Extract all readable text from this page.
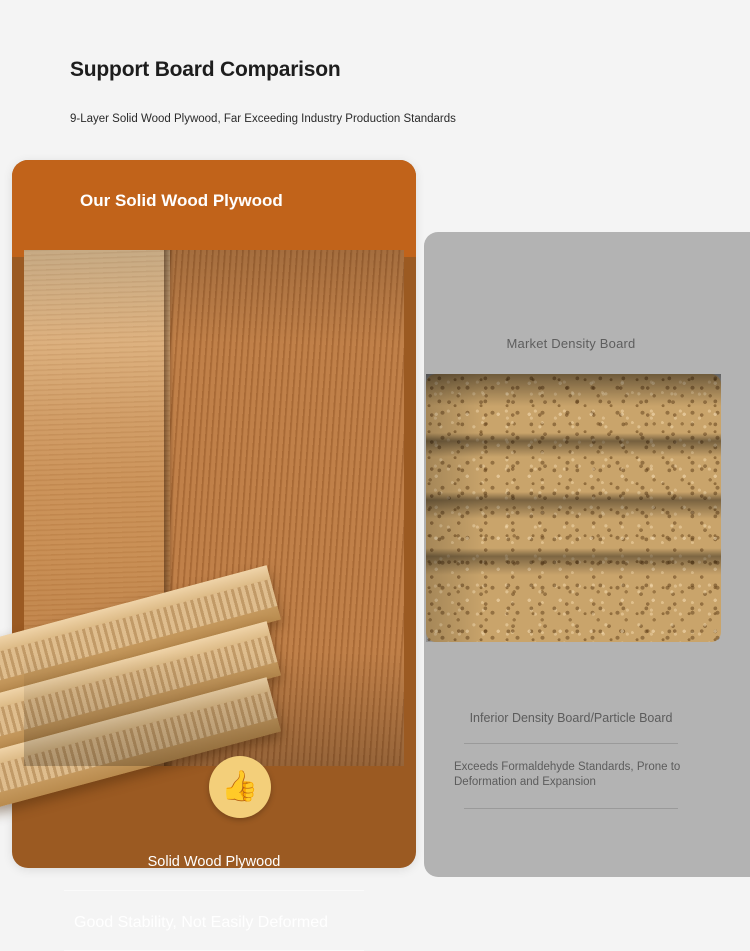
Support Board Comparison

9-Layer Solid Wood Plywood, Far Exceeding Industry Production Standards

Market Density Board
Inferior Density Board/Particle Board
Exceeds Formaldehyde Standards, Prone to Deformation and Expansion
Our Solid Wood Plywood
👍
Solid Wood Plywood
Good Stability, Not Easily Deformed
